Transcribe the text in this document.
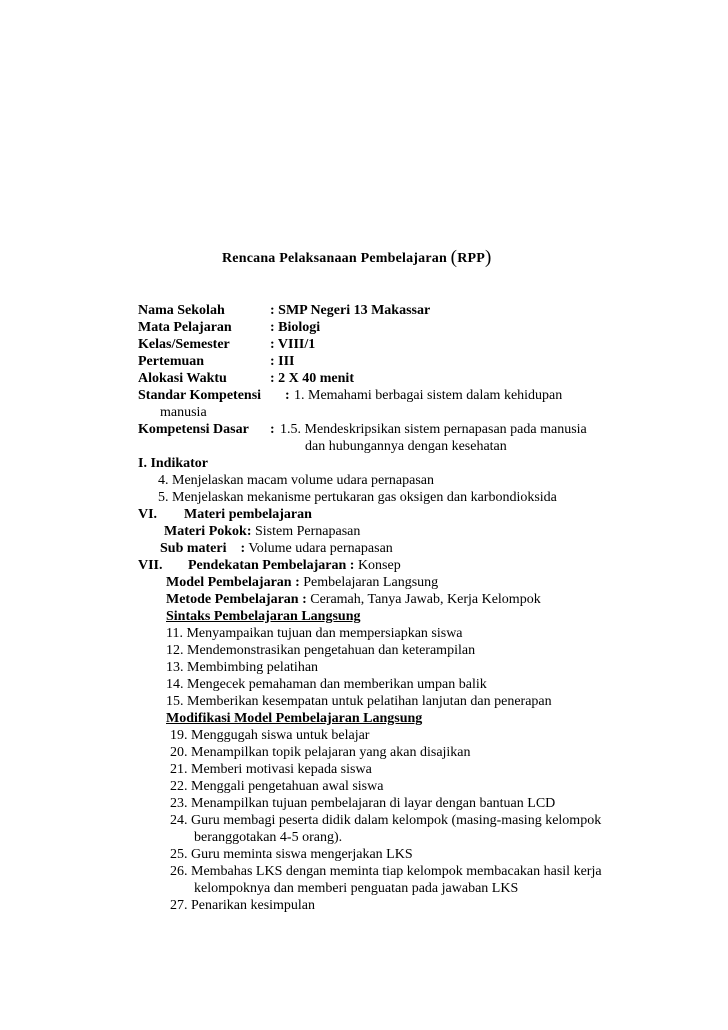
Rencana Pelaksanaan Pembelajaran (RPP)
Nama Sekolah	: SMP Negeri 13 Makassar
Mata Pelajaran	: Biologi
Kelas/Semester	: VIII/1
Pertemuan	: III
Alokasi Waktu	: 2 X 40 menit
Standar Kompetensi : 1. Memahami berbagai sistem dalam kehidupan
manusia
Kompetensi Dasar : 1.5. Mendeskripsikan sistem pernapasan pada manusia
dan hubungannya dengan kesehatan
I. Indikator
4. Menjelaskan macam volume udara pernapasan
5. Menjelaskan mekanisme pertukaran gas oksigen dan karbondioksida
VI. Materi pembelajaran
Materi Pokok: Sistem Pernapasan
Sub materi    : Volume udara pernapasan
VII. Pendekatan Pembelajaran : Konsep
Model Pembelajaran : Pembelajaran Langsung
Metode Pembelajaran : Ceramah, Tanya Jawab, Kerja Kelompok
Sintaks Pembelajaran Langsung
11. Menyampaikan tujuan dan mempersiapkan siswa
12. Mendemonstrasikan pengetahuan dan keterampilan
13. Membimbing pelatihan
14. Mengecek pemahaman dan memberikan umpan balik
15. Memberikan kesempatan untuk pelatihan lanjutan dan penerapan
Modifikasi Model Pembelajaran Langsung
19. Menggugah siswa untuk belajar
20. Menampilkan topik pelajaran yang akan disajikan
21. Memberi motivasi kepada siswa
22. Menggali pengetahuan awal siswa
23. Menampilkan tujuan pembelajaran di layar dengan bantuan LCD
24. Guru membagi peserta didik dalam kelompok (masing-masing kelompok
beranggotakan 4-5 orang).
25. Guru meminta siswa mengerjakan LKS
26. Membahas LKS dengan meminta tiap kelompok membacakan hasil kerja
kelompoknya dan memberi penguatan pada jawaban LKS
27. Penarikan kesimpulan
